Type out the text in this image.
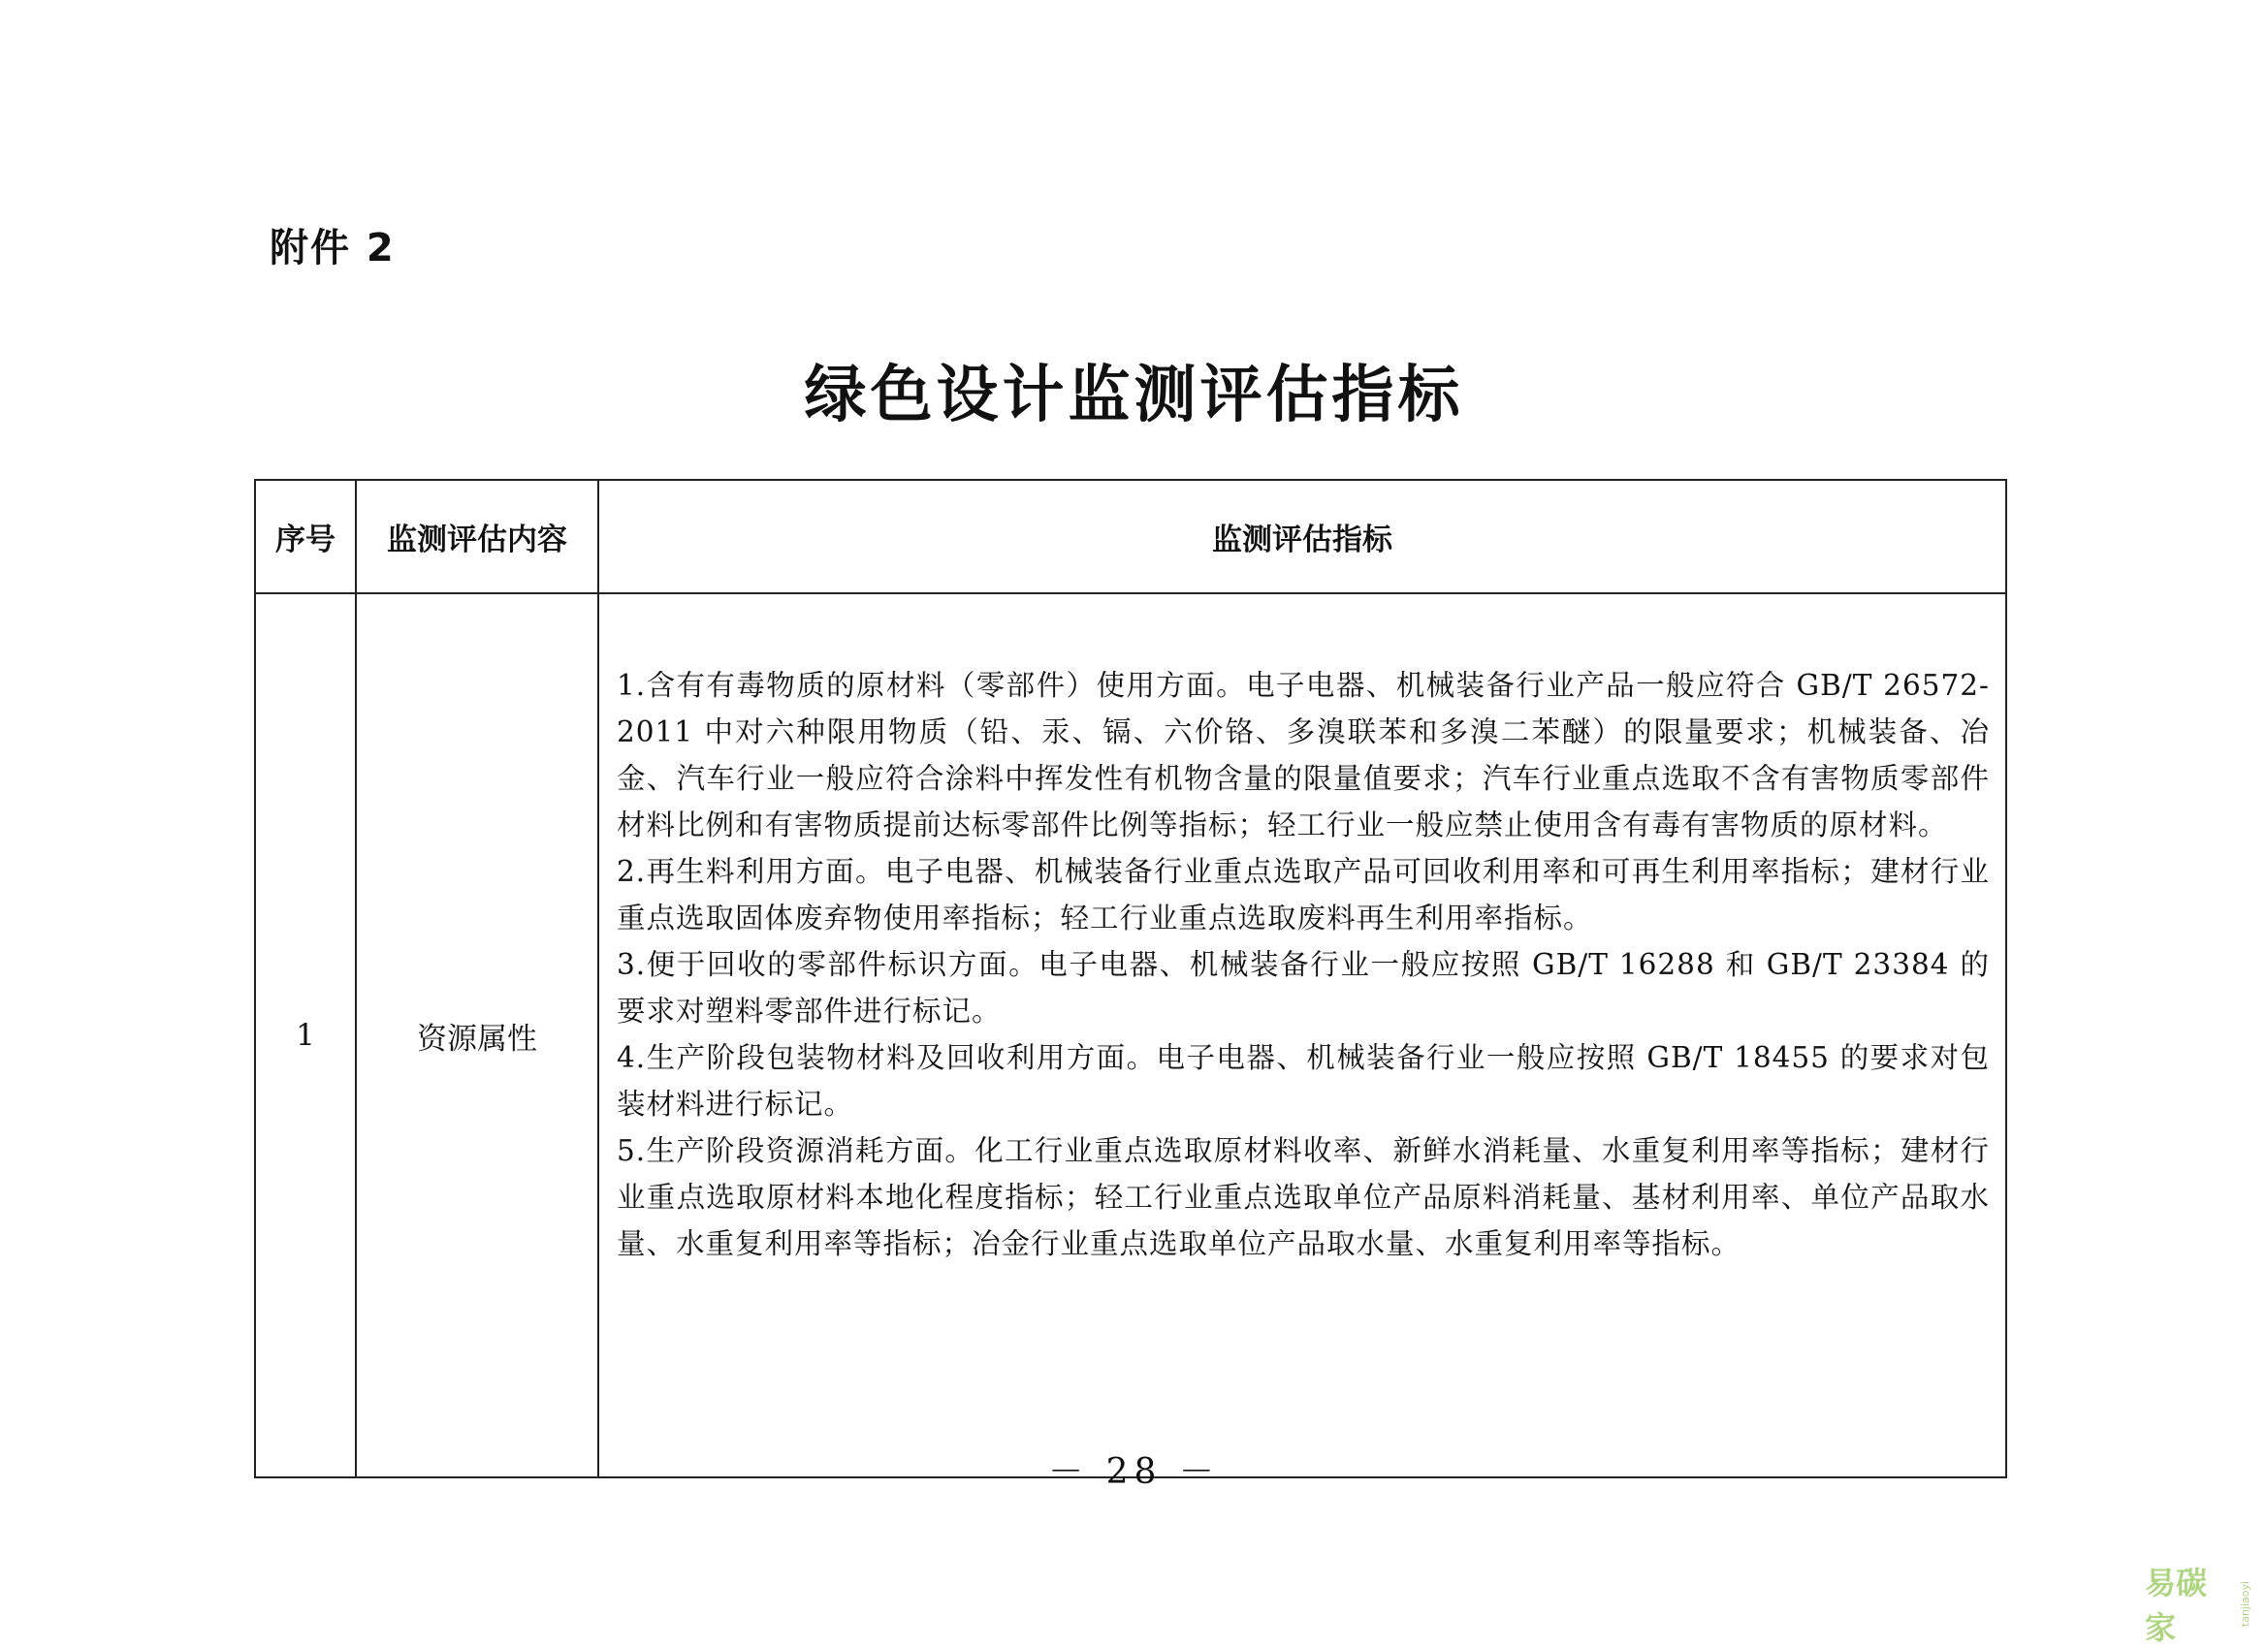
附件 2
绿色设计监测评估指标
序号	监测评估内容	监测评估指标
1	资源属性	1.含有有毒物质的原材料（零部件）使用方面。电子电器、机械装备行业产品一般应符合 GB/T 26572-2011 中对六种限用物质（铅、汞、镉、六价铬、多溴联苯和多溴二苯醚）的限量要求；机械装备、冶金、汽车行业一般应符合涂料中挥发性有机物含量的限量值要求；汽车行业重点选取不含有害物质零部件材料比例和有害物质提前达标零部件比例等指标；轻工行业一般应禁止使用含有毒有害物质的原材料。

2.再生料利用方面。电子电器、机械装备行业重点选取产品可回收利用率和可再生利用率指标；建材行业重点选取固体废弃物使用率指标；轻工行业重点选取废料再生利用率指标。

3.便于回收的零部件标识方面。电子电器、机械装备行业一般应按照 GB/T 16288 和 GB/T 23384 的要求对塑料零部件进行标记。

4.生产阶段包装物材料及回收利用方面。电子电器、机械装备行业一般应按照 GB/T 18455 的要求对包装材料进行标记。

5.生产阶段资源消耗方面。化工行业重点选取原材料收率、新鲜水消耗量、水重复利用率等指标；建材行业重点选取原材料本地化程度指标；轻工行业重点选取单位产品原料消耗量、基材利用率、单位产品取水量、水重复利用率等指标；冶金行业重点选取单位产品取水量、水重复利用率等指标。

－ 28 －
易碳家
tanjiaoyi
